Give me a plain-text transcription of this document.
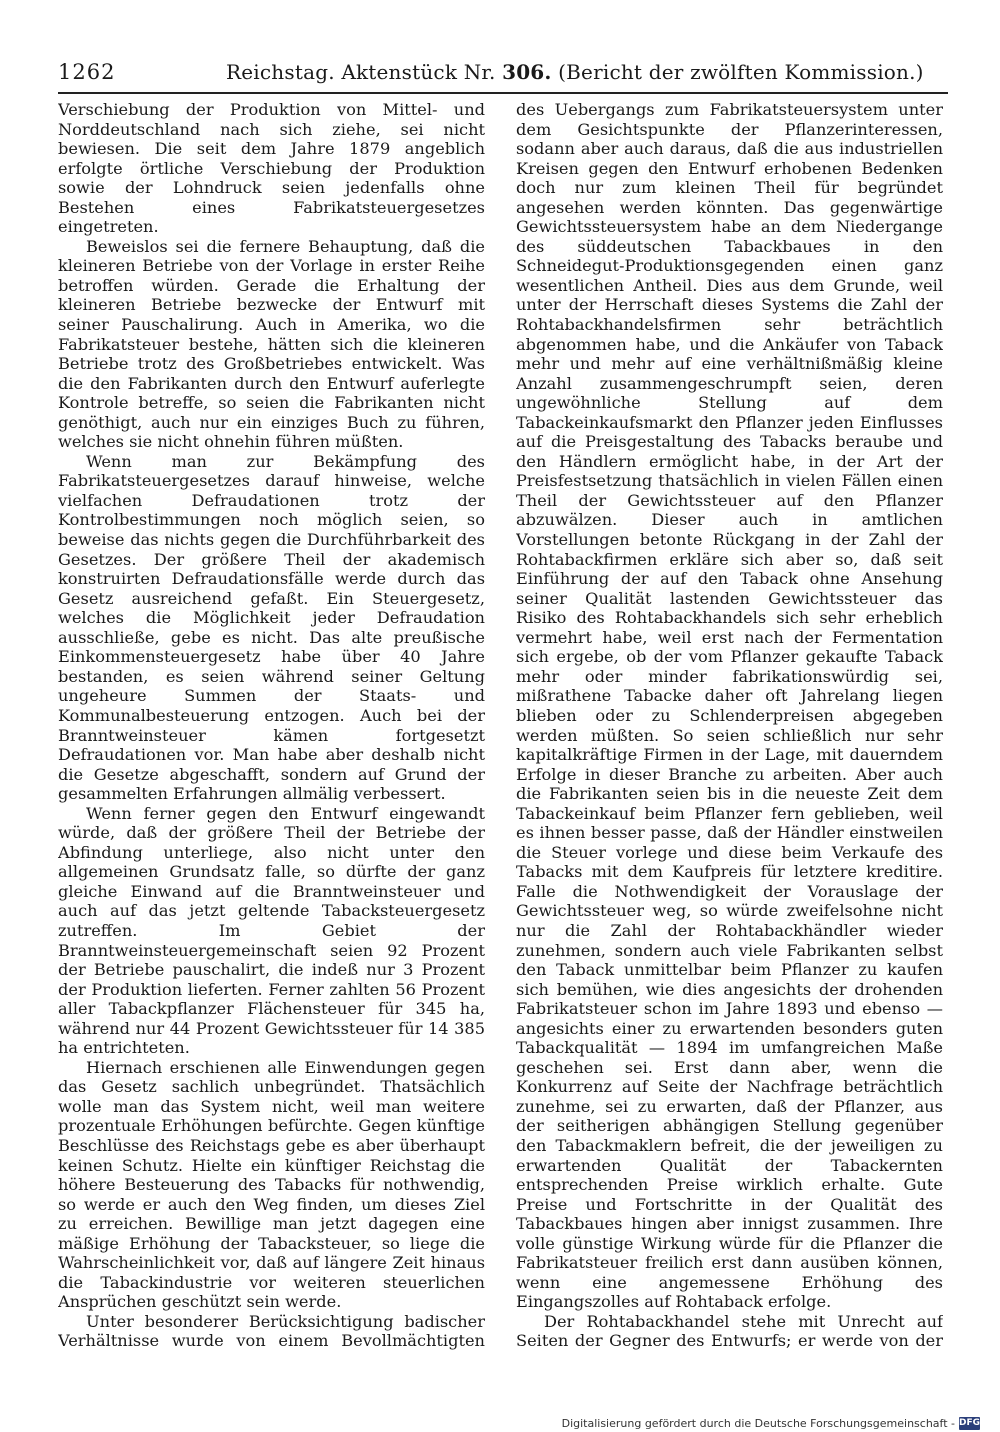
1262	Reichstag. Aktenstück Nr. 306. (Bericht der zwölften Kommission.)

Verschiebung der Produktion von Mittel- und Norddeutschland nach sich ziehe, sei nicht bewiesen. Die seit dem Jahre 1879 angeblich erfolgte örtliche Verschiebung der Produktion sowie der Lohndruck seien jedenfalls ohne Bestehen eines Fabrikatsteuergesetzes eingetreten.

Beweislos sei die fernere Behauptung, daß die kleineren Betriebe von der Vorlage in erster Reihe betroffen würden. Gerade die Erhaltung der kleineren Betriebe bezwecke der Entwurf mit seiner Pauschalirung. Auch in Amerika, wo die Fabrikatsteuer bestehe, hätten sich die kleineren Betriebe trotz des Großbetriebes entwickelt. Was die den Fabrikanten durch den Entwurf auferlegte Kontrole betreffe, so seien die Fabrikanten nicht genöthigt, auch nur ein einziges Buch zu führen, welches sie nicht ohnehin führen müßten.

Wenn man zur Bekämpfung des Fabrikatsteuergesetzes darauf hinweise, welche vielfachen Defraudationen trotz der Kontrolbestimmungen noch möglich seien, so beweise das nichts gegen die Durchführbarkeit des Gesetzes. Der größere Theil der akademisch konstruirten Defraudationsfälle werde durch das Gesetz ausreichend gefaßt. Ein Steuergesetz, welches die Möglichkeit jeder Defraudation ausschließe, gebe es nicht. Das alte preußische Einkommensteuergesetz habe über 40 Jahre bestanden, es seien während seiner Geltung ungeheure Summen der Staats- und Kommunalbesteuerung entzogen. Auch bei der Branntweinsteuer kämen fortgesetzt Defraudationen vor. Man habe aber deshalb nicht die Gesetze abgeschafft, sondern auf Grund der gesammelten Erfahrungen allmälig verbessert.

Wenn ferner gegen den Entwurf eingewandt würde, daß der größere Theil der Betriebe der Abfindung unterliege, also nicht unter den allgemeinen Grundsatz falle, so dürfte der ganz gleiche Einwand auf die Branntweinsteuer und auch auf das jetzt geltende Tabacksteuergesetz zutreffen. Im Gebiet der Branntweinsteuergemeinschaft seien 92 Prozent der Betriebe pauschalirt, die indeß nur 3 Prozent der Produktion lieferten. Ferner zahlten 56 Prozent aller Tabackpflanzer Flächensteuer für 345 ha, während nur 44 Prozent Gewichtssteuer für 14 385 ha entrichteten.

Hiernach erschienen alle Einwendungen gegen das Gesetz sachlich unbegründet. Thatsächlich wolle man das System nicht, weil man weitere prozentuale Erhöhungen befürchte. Gegen künftige Beschlüsse des Reichstags gebe es aber überhaupt keinen Schutz. Hielte ein künftiger Reichstag die höhere Besteuerung des Tabacks für nothwendig, so werde er auch den Weg finden, um dieses Ziel zu erreichen. Bewillige man jetzt dagegen eine mäßige Erhöhung der Tabacksteuer, so liege die Wahrscheinlichkeit vor, daß auf längere Zeit hinaus die Tabackindustrie vor weiteren steuerlichen Ansprüchen geschützt sein werde.

Unter besonderer Berücksichtigung badischer Verhältnisse wurde von einem Bevollmächtigten

des Uebergangs zum Fabrikatsteuersystem unter dem Gesichtspunkte der Pflanzerinteressen, sodann aber auch daraus, daß die aus industriellen Kreisen gegen den Entwurf erhobenen Bedenken doch nur zum kleinen Theil für begründet angesehen werden könnten. Das gegenwärtige Gewichtssteuersystem habe an dem Niedergange des süddeutschen Tabackbaues in den Schneidegut-Produktionsgegenden einen ganz wesentlichen Antheil. Dies aus dem Grunde, weil unter der Herrschaft dieses Systems die Zahl der Rohtabackhandelsfirmen sehr beträchtlich abgenommen habe, und die Ankäufer von Taback mehr und mehr auf eine verhältnißmäßig kleine Anzahl zusammengeschrumpft seien, deren ungewöhnliche Stellung auf dem Tabackeinkaufsmarkt den Pflanzer jeden Einflusses auf die Preisgestaltung des Tabacks beraube und den Händlern ermöglicht habe, in der Art der Preisfestsetzung thatsächlich in vielen Fällen einen Theil der Gewichtssteuer auf den Pflanzer abzuwälzen. Dieser auch in amtlichen Vorstellungen betonte Rückgang in der Zahl der Rohtabackfirmen erkläre sich aber so, daß seit Einführung der auf den Taback ohne Ansehung seiner Qualität lastenden Gewichtssteuer das Risiko des Rohtabackhandels sich sehr erheblich vermehrt habe, weil erst nach der Fermentation sich ergebe, ob der vom Pflanzer gekaufte Taback mehr oder minder fabrikationswürdig sei, mißrathene Tabacke daher oft Jahrelang liegen blieben oder zu Schlenderpreisen abgegeben werden müßten. So seien schließlich nur sehr kapitalkräftige Firmen in der Lage, mit dauerndem Erfolge in dieser Branche zu arbeiten. Aber auch die Fabrikanten seien bis in die neueste Zeit dem Tabackeinkauf beim Pflanzer fern geblieben, weil es ihnen besser passe, daß der Händler einstweilen die Steuer vorlege und diese beim Verkaufe des Tabacks mit dem Kaufpreis für letztere kreditire. Falle die Nothwendigkeit der Vorauslage der Gewichtssteuer weg, so würde zweifelsohne nicht nur die Zahl der Rohtabackhändler wieder zunehmen, sondern auch viele Fabrikanten selbst den Taback unmittelbar beim Pflanzer zu kaufen sich bemühen, wie dies angesichts der drohenden Fabrikatsteuer schon im Jahre 1893 und ebenso — angesichts einer zu erwartenden besonders guten Tabackqualität — 1894 im umfangreichen Maße geschehen sei. Erst dann aber, wenn die Konkurrenz auf Seite der Nachfrage beträchtlich zunehme, sei zu erwarten, daß der Pflanzer, aus der seitherigen abhängigen Stellung gegenüber den Tabackmaklern befreit, die der jeweiligen zu erwartenden Qualität der Tabackernten entsprechenden Preise wirklich erhalte. Gute Preise und Fortschritte in der Qualität des Tabackbaues hingen aber innigst zusammen. Ihre volle günstige Wirkung würde für die Pflanzer die Fabrikatsteuer freilich erst dann ausüben können, wenn eine angemessene Erhöhung des Eingangszolles auf Rohtaback erfolge.

Der Rohtabackhandel stehe mit Unrecht auf Seiten der Gegner des Entwurfs; er werde von der

Digitalisierung gefördert durch die Deutsche Forschungsgemeinschaft - DFG
